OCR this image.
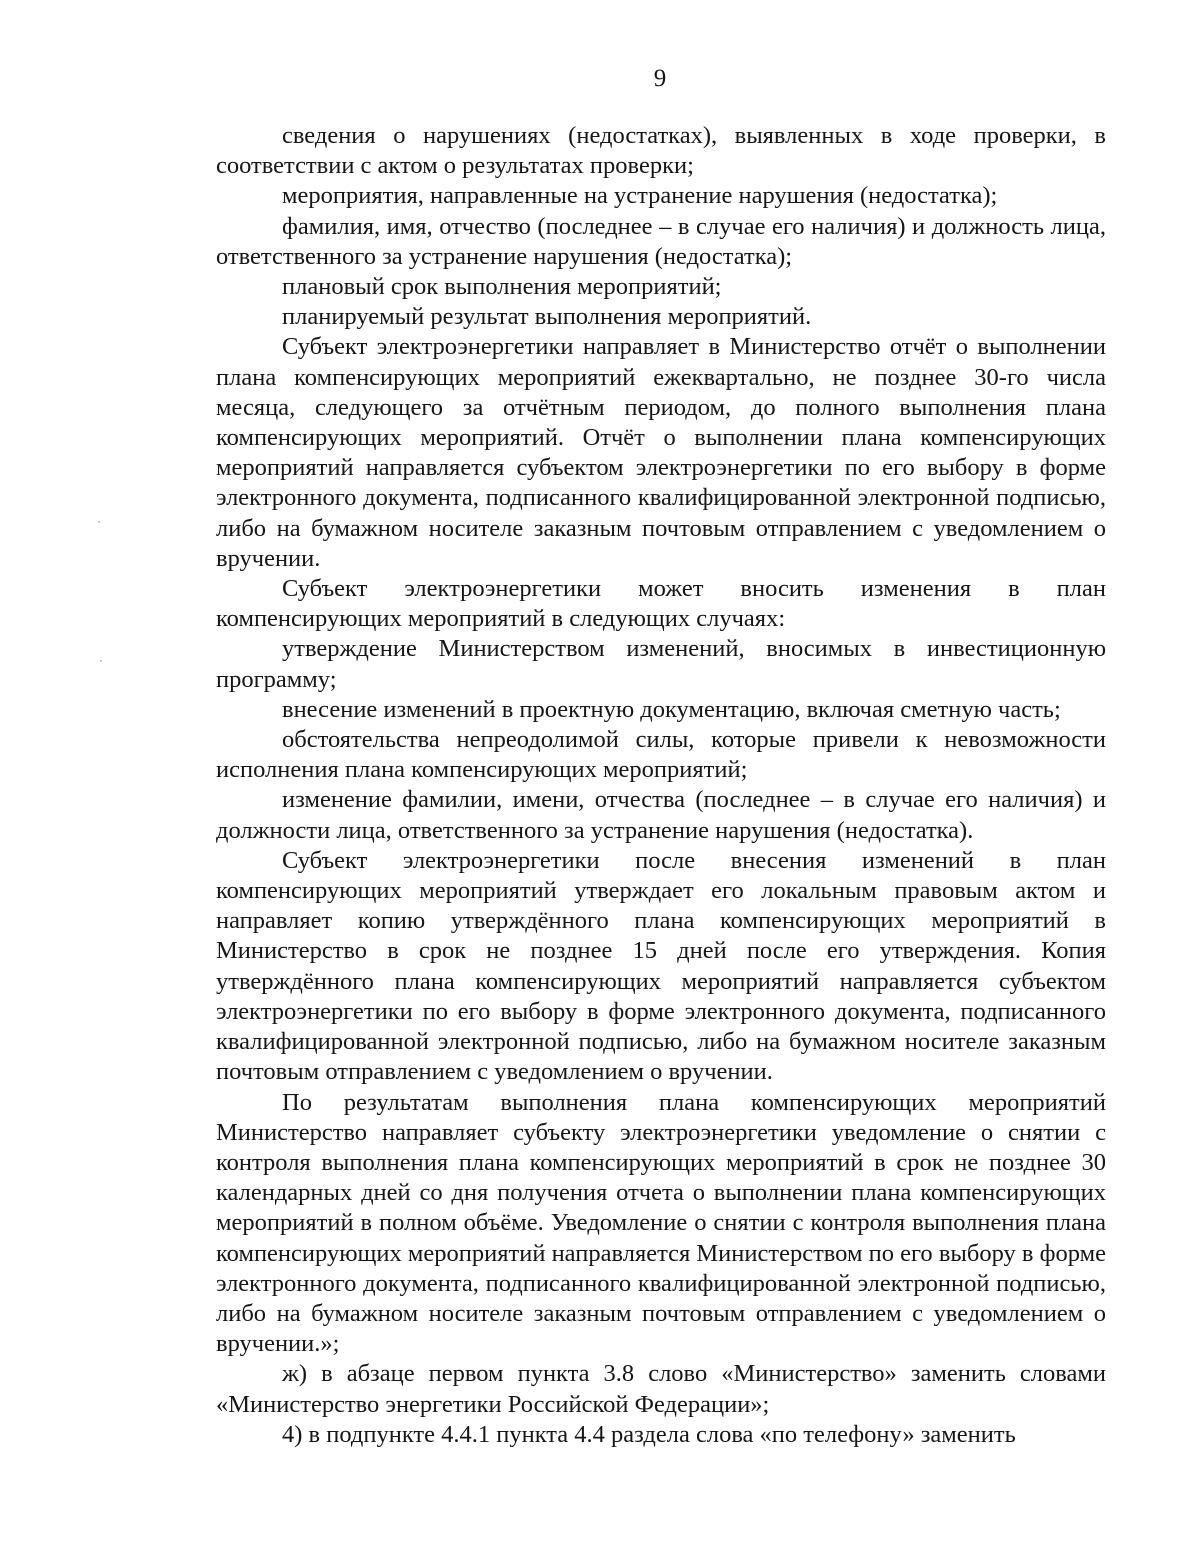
9

сведения о нарушениях (недостатках), выявленных в ходе проверки, в соответствии с актом о результатах проверки;

мероприятия, направленные на устранение нарушения (недостатка);

фамилия, имя, отчество (последнее – в случае его наличия) и должность лица, ответственного за устранение нарушения (недостатка);

плановый срок выполнения мероприятий;

планируемый результат выполнения мероприятий.

Субъект электроэнергетики направляет в Министерство отчёт о выполнении плана компенсирующих мероприятий ежеквартально, не позднее 30-го числа месяца, следующего за отчётным периодом, до полного выполнения плана компенсирующих мероприятий. Отчёт о выполнении плана компенсирующих мероприятий направляется субъектом электроэнергетики по его выбору в форме электронного документа, подписанного квалифицированной электронной подписью, либо на бумажном носителе заказным почтовым отправлением с уведомлением о вручении.

Субъект электроэнергетики может вносить изменения в план компенсирующих мероприятий в следующих случаях:

утверждение Министерством изменений, вносимых в инвестиционную программу;

внесение изменений в проектную документацию, включая сметную часть;

обстоятельства непреодолимой силы, которые привели к невозможности исполнения плана компенсирующих мероприятий;

изменение фамилии, имени, отчества (последнее – в случае его наличия) и должности лица, ответственного за устранение нарушения (недостатка).

Субъект электроэнергетики после внесения изменений в план компенсирующих мероприятий утверждает его локальным правовым актом и направляет копию утверждённого плана компенсирующих мероприятий в Министерство в срок не позднее 15 дней после его утверждения. Копия утверждённого плана компенсирующих мероприятий направляется субъектом электроэнергетики по его выбору в форме электронного документа, подписанного квалифицированной электронной подписью, либо на бумажном носителе заказным почтовым отправлением с уведомлением о вручении.

По результатам выполнения плана компенсирующих мероприятий Министерство направляет субъекту электроэнергетики уведомление о снятии с контроля выполнения плана компенсирующих мероприятий в срок не позднее 30 календарных дней со дня получения отчета о выполнении плана компенсирующих мероприятий в полном объёме. Уведомление о снятии с контроля выполнения плана компенсирующих мероприятий направляется Министерством по его выбору в форме электронного документа, подписанного квалифицированной электронной подписью, либо на бумажном носителе заказным почтовым отправлением с уведомлением о вручении.»;

ж) в абзаце первом пункта 3.8 слово «Министерство» заменить словами «Министерство энергетики Российской Федерации»;

4) в подпункте 4.4.1 пункта 4.4 раздела слова «по телефону» заменить
